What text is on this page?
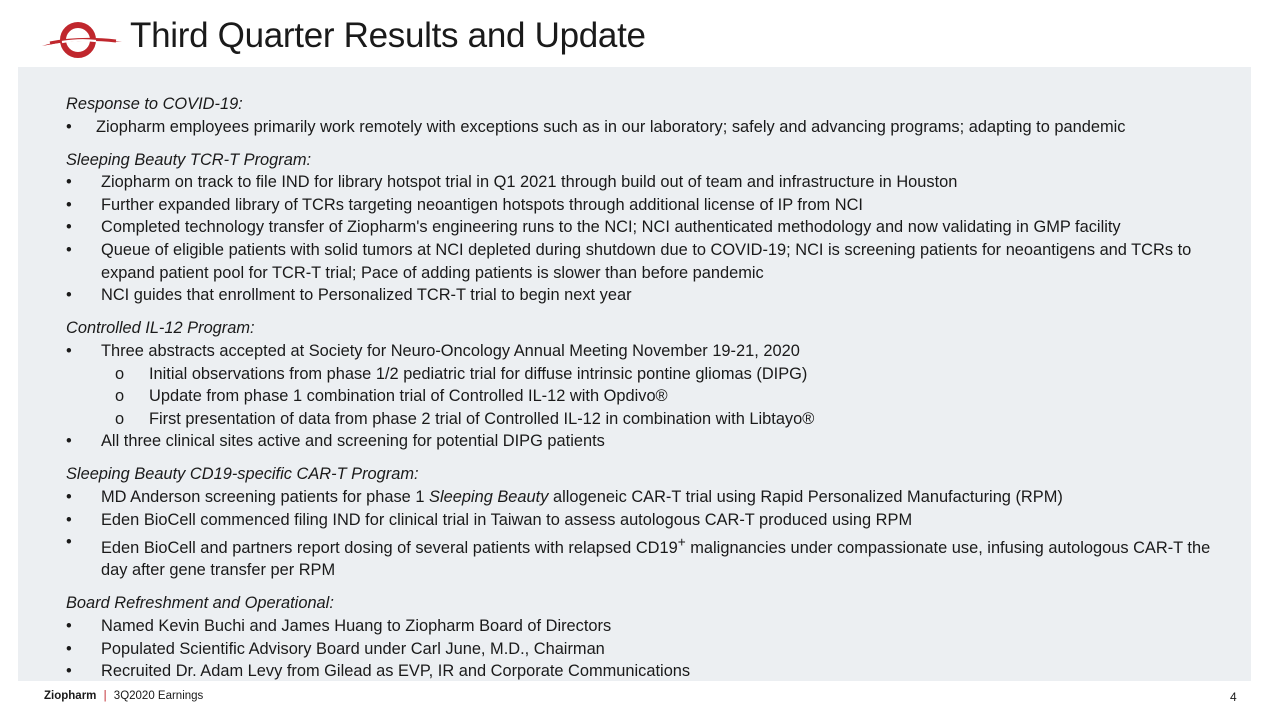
Third Quarter Results and Update
Response to COVID-19:
• Ziopharm employees primarily work remotely with exceptions such as in our laboratory; safely and advancing programs; adapting to pandemic
Sleeping Beauty TCR-T Program:
• Ziopharm on track to file IND for library hotspot trial in Q1 2021 through build out of team and infrastructure in Houston
• Further expanded library of TCRs targeting neoantigen hotspots through additional license of IP from NCI
• Completed technology transfer of Ziopharm's engineering runs to the NCI; NCI authenticated methodology and now validating in GMP facility
• Queue of eligible patients with solid tumors at NCI depleted during shutdown due to COVID-19; NCI is screening patients for neoantigens and TCRs to expand patient pool for TCR-T trial; Pace of adding patients is slower than before pandemic
• NCI guides that enrollment to Personalized TCR-T trial to begin next year
Controlled IL-12 Program:
• Three abstracts accepted at Society for Neuro-Oncology Annual Meeting November 19-21, 2020
o Initial observations from phase 1/2 pediatric trial for diffuse intrinsic pontine gliomas (DIPG)
o Update from phase 1 combination trial of Controlled IL-12 with Opdivo®
o First presentation of data from phase 2 trial of Controlled IL-12 in combination with Libtayo®
• All three clinical sites active and screening for potential DIPG patients
Sleeping Beauty CD19-specific CAR-T Program:
• MD Anderson screening patients for phase 1 Sleeping Beauty allogeneic CAR-T trial using Rapid Personalized Manufacturing (RPM)
• Eden BioCell commenced filing IND for clinical trial in Taiwan to assess autologous CAR-T produced using RPM
• Eden BioCell and partners report dosing of several patients with relapsed CD19+ malignancies under compassionate use, infusing autologous CAR-T the day after gene transfer per RPM
Board Refreshment and Operational:
• Named Kevin Buchi and James Huang to Ziopharm Board of Directors
• Populated Scientific Advisory Board under Carl June, M.D., Chairman
• Recruited Dr. Adam Levy from Gilead as EVP, IR and Corporate Communications
Ziopharm | 3Q2020 Earnings	4
